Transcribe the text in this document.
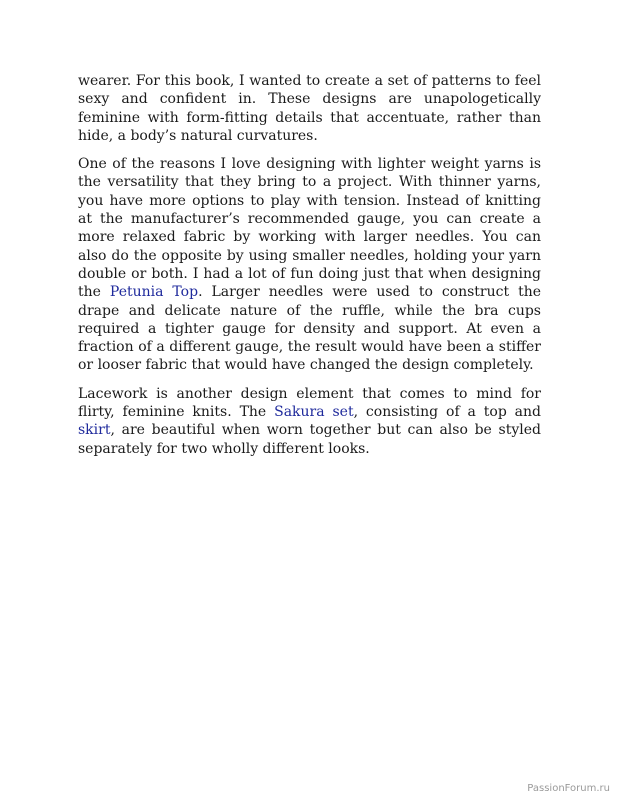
wearer. For this book, I wanted to create a set of patterns to feel sexy and confident in. These designs are unapologetically feminine with form-fitting details that accentuate, rather than hide, a body’s natural curvatures.

One of the reasons I love designing with lighter weight yarns is the versatility that they bring to a project. With thinner yarns, you have more options to play with tension. Instead of knitting at the manufacturer’s recommended gauge, you can create a more relaxed fabric by working with larger needles. You can also do the opposite by using smaller needles, holding your yarn double or both. I had a lot of fun doing just that when designing the Petunia Top. Larger needles were used to construct the drape and delicate nature of the ruffle, while the bra cups required a tighter gauge for density and support. At even a fraction of a different gauge, the result would have been a stiffer or looser fabric that would have changed the design completely.

Lacework is another design element that comes to mind for flirty, feminine knits. The Sakura set, consisting of a top and skirt, are beautiful when worn together but can also be styled separately for two wholly different looks.

PassionForum.ru
